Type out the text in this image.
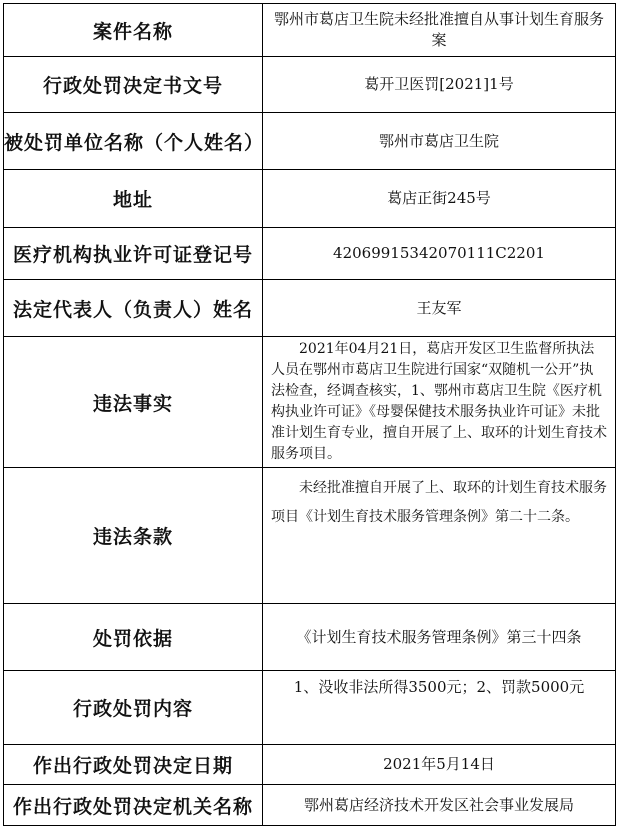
案件名称	鄂州市葛店卫生院未经批准擅自从事计划生育服务案
行政处罚决定书文号	葛开卫医罚[2021]1号
被处罚单位名称（个人姓名）	鄂州市葛店卫生院
地址	葛店正街245号
医疗机构执业许可证登记号	42069915342070111C2201
法定代表人（负责人）姓名	王友军
违法事实	2021年04月21日，葛店开发区卫生监督所执法人员在鄂州市葛店卫生院进行国家“双随机一公开”执法检查，经调查核实，1、鄂州市葛店卫生院《医疗机构执业许可证》《母婴保健技术服务执业许可证》未批准计划生育专业，擅自开展了上、取环的计划生育技术服务项目。
违法条款	未经批准擅自开展了上、取环的计划生育技术服务项目《计划生育技术服务管理条例》第二十二条。
处罚依据	《计划生育技术服务管理条例》第三十四条
行政处罚内容	1、没收非法所得3500元；2、罚款5000元
作出行政处罚决定日期	2021年5月14日
作出行政处罚决定机关名称	鄂州葛店经济技术开发区社会事业发展局
